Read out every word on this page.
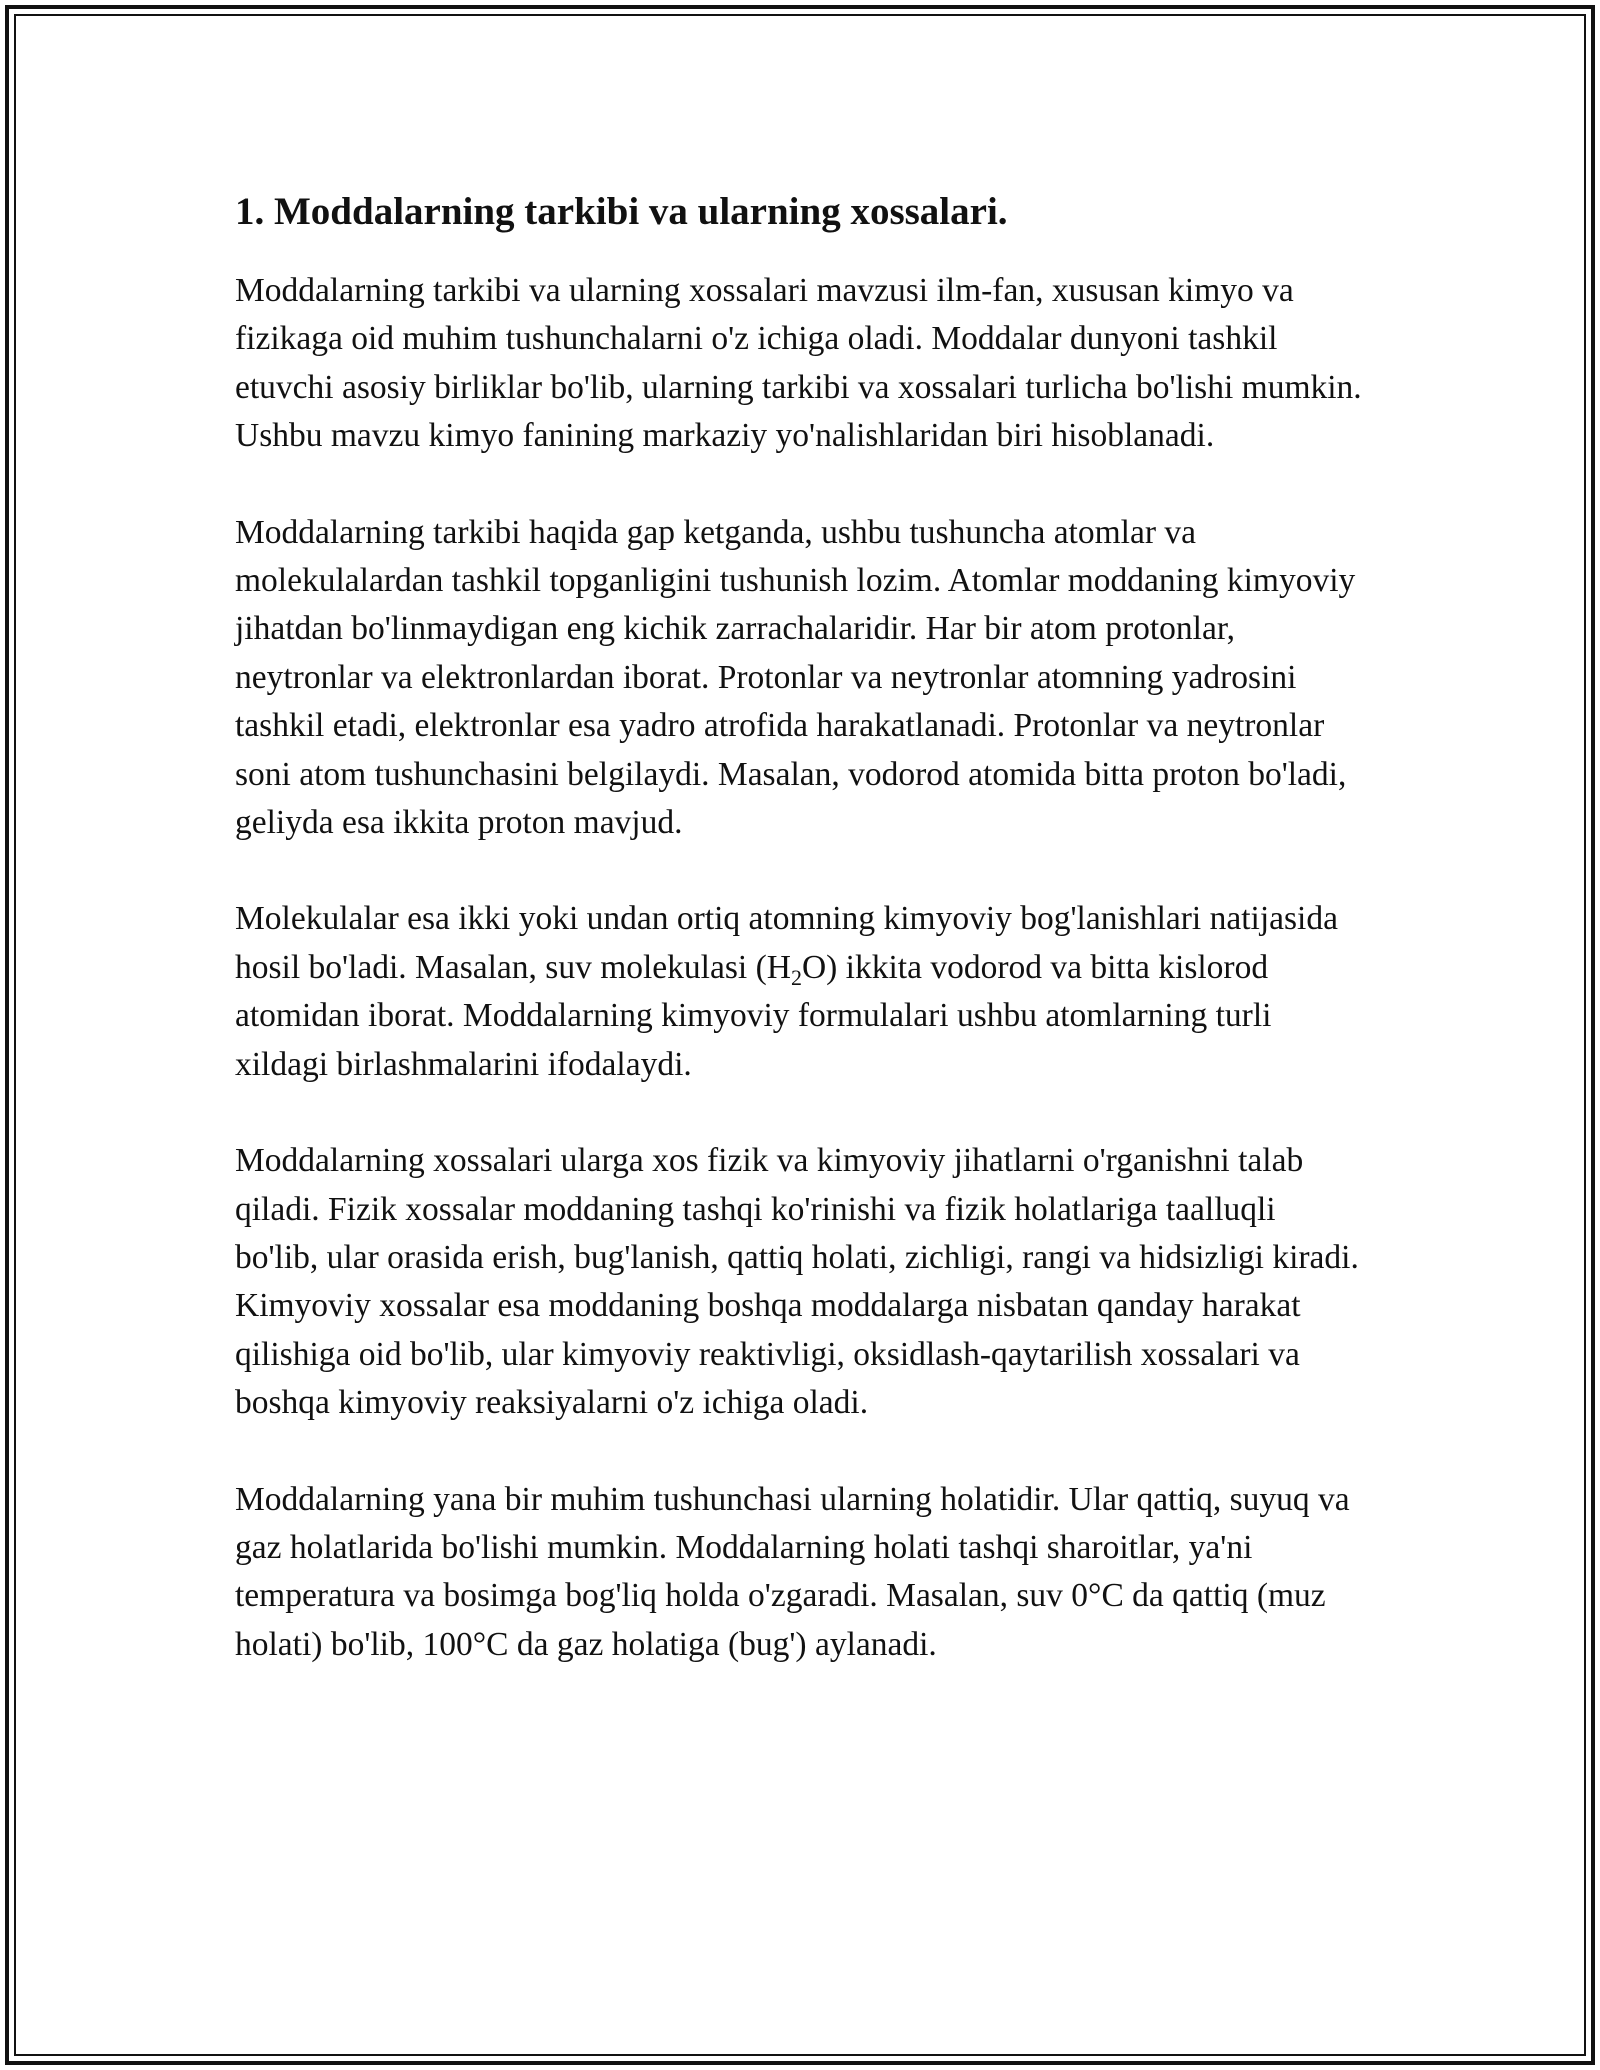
1. Moddalarning tarkibi va ularning xossalari.

Moddalarning tarkibi va ularning xossalari mavzusi ilm-fan, xususan kimyo va fizikaga oid muhim tushunchalarni o'z ichiga oladi. Moddalar dunyoni tashkil etuvchi asosiy birliklar bo'lib, ularning tarkibi va xossalari turlicha bo'lishi mumkin. Ushbu mavzu kimyo fanining markaziy yo'nalishlaridan biri hisoblanadi.

Moddalarning tarkibi haqida gap ketganda, ushbu tushuncha atomlar va molekulalardan tashkil topganligini tushunish lozim. Atomlar moddaning kimyoviy jihatdan bo'linmaydigan eng kichik zarrachalaridir. Har bir atom protonlar, neytronlar va elektronlardan iborat. Protonlar va neytronlar atomning yadrosini tashkil etadi, elektronlar esa yadro atrofida harakatlanadi. Protonlar va neytronlar soni atom tushunchasini belgilaydi. Masalan, vodorod atomida bitta proton bo'ladi, geliyda esa ikkita proton mavjud.

Molekulalar esa ikki yoki undan ortiq atomning kimyoviy bog'lanishlari natijasida hosil bo'ladi. Masalan, suv molekulasi $(H_2O)$ ikkita vodorod va bitta kislorod atomidan iborat. Moddalarning kimyoviy formulalari ushbu atomlarning turli xildagi birlashmalarini ifodalaydi.

Moddalarning xossalari ularga xos fizik va kimyoviy jihatlarni o'rganishni talab qiladi. Fizik xossalar moddaning tashqi ko'rinishi va fizik holatlariga taalluqli bo'lib, ular orasida erish, bug'lanish, qattiq holati, zichligi, rangi va hidsizligi kiradi. Kimyoviy xossalar esa moddaning boshqa moddalarga nisbatan qanday harakat qilishiga oid bo'lib, ular kimyoviy reaktivligi, oksidlash-qaytarilish xossalari va boshqa kimyoviy reaksiyalarni o'z ichiga oladi.

Moddalarning yana bir muhim tushunchasi ularning holatidir. Ular qattiq, suyuq va gaz holatlarida bo'lishi mumkin. Moddalarning holati tashqi sharoitlar, ya'ni temperatura va bosimga bog'liq holda o'zgaradi. Masalan, suv 0°C da qattiq (muz holati) bo'lib, 100°C da gaz holatiga (bug') aylanadi.
